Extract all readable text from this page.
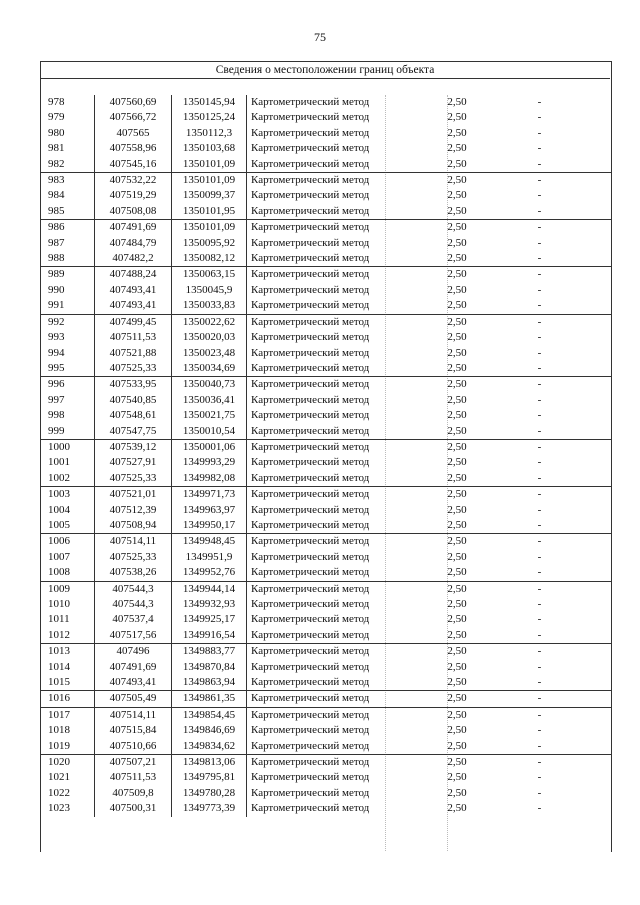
75
Сведения о местоположении границ объекта
978	407560,69	1350145,94	Картометрический метод	2,50	-
979	407566,72	1350125,24	Картометрический метод	2,50	-
980	407565	1350112,3	Картометрический метод	2,50	-
981	407558,96	1350103,68	Картометрический метод	2,50	-
982	407545,16	1350101,09	Картометрический метод	2,50	-
983	407532,22	1350101,09	Картометрический метод	2,50	-
984	407519,29	1350099,37	Картометрический метод	2,50	-
985	407508,08	1350101,95	Картометрический метод	2,50	-
986	407491,69	1350101,09	Картометрический метод	2,50	-
987	407484,79	1350095,92	Картометрический метод	2,50	-
988	407482,2	1350082,12	Картометрический метод	2,50	-
989	407488,24	1350063,15	Картометрический метод	2,50	-
990	407493,41	1350045,9	Картометрический метод	2,50	-
991	407493,41	1350033,83	Картометрический метод	2,50	-
992	407499,45	1350022,62	Картометрический метод	2,50	-
993	407511,53	1350020,03	Картометрический метод	2,50	-
994	407521,88	1350023,48	Картометрический метод	2,50	-
995	407525,33	1350034,69	Картометрический метод	2,50	-
996	407533,95	1350040,73	Картометрический метод	2,50	-
997	407540,85	1350036,41	Картометрический метод	2,50	-
998	407548,61	1350021,75	Картометрический метод	2,50	-
999	407547,75	1350010,54	Картометрический метод	2,50	-
1000	407539,12	1350001,06	Картометрический метод	2,50	-
1001	407527,91	1349993,29	Картометрический метод	2,50	-
1002	407525,33	1349982,08	Картометрический метод	2,50	-
1003	407521,01	1349971,73	Картометрический метод	2,50	-
1004	407512,39	1349963,97	Картометрический метод	2,50	-
1005	407508,94	1349950,17	Картометрический метод	2,50	-
1006	407514,11	1349948,45	Картометрический метод	2,50	-
1007	407525,33	1349951,9	Картометрический метод	2,50	-
1008	407538,26	1349952,76	Картометрический метод	2,50	-
1009	407544,3	1349944,14	Картометрический метод	2,50	-
1010	407544,3	1349932,93	Картометрический метод	2,50	-
1011	407537,4	1349925,17	Картометрический метод	2,50	-
1012	407517,56	1349916,54	Картометрический метод	2,50	-
1013	407496	1349883,77	Картометрический метод	2,50	-
1014	407491,69	1349870,84	Картометрический метод	2,50	-
1015	407493,41	1349863,94	Картометрический метод	2,50	-
1016	407505,49	1349861,35	Картометрический метод	2,50	-
1017	407514,11	1349854,45	Картометрический метод	2,50	-
1018	407515,84	1349846,69	Картометрический метод	2,50	-
1019	407510,66	1349834,62	Картометрический метод	2,50	-
1020	407507,21	1349813,06	Картометрический метод	2,50	-
1021	407511,53	1349795,81	Картометрический метод	2,50	-
1022	407509,8	1349780,28	Картометрический метод	2,50	-
1023	407500,31	1349773,39	Картометрический метод	2,50	-
